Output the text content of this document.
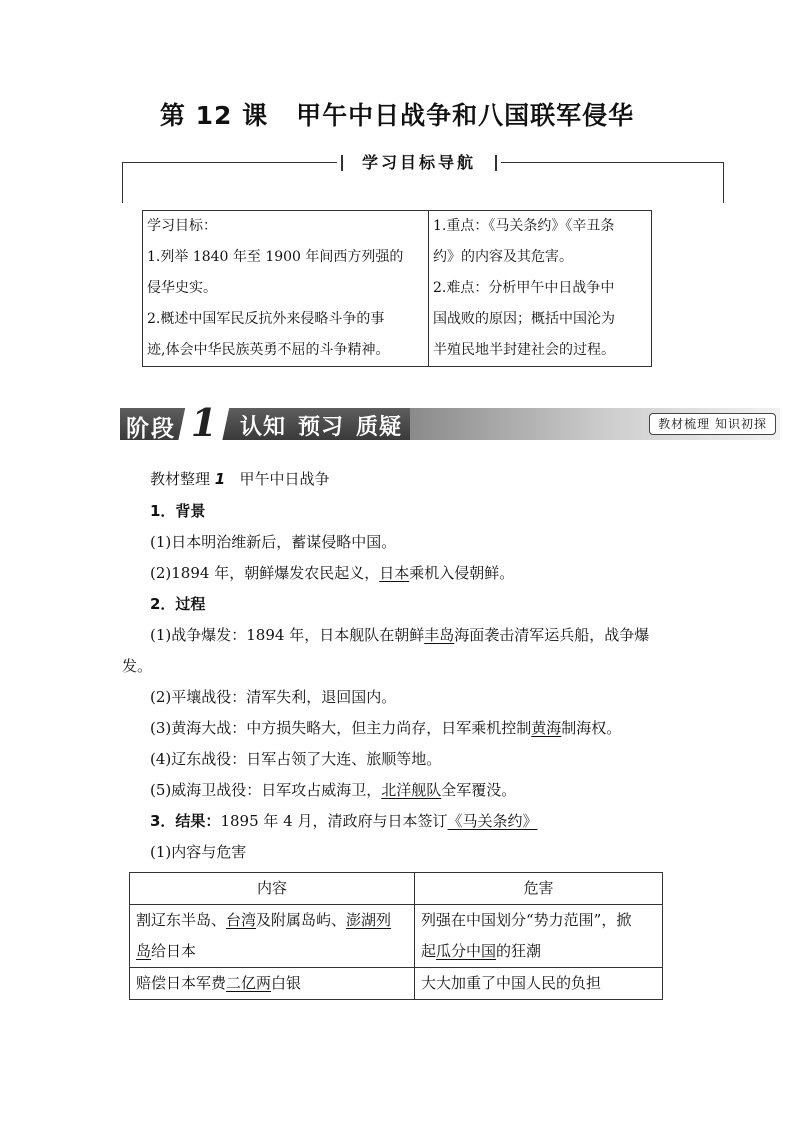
第 12 课 甲午中日战争和八国联军侵华
学习目标导航
学习目标：
1.列举 1840 年至 1900 年间西方列强的
侵华史实。
2.概述中国军民反抗外来侵略斗争的事
迹,体会中华民族英勇不屈的斗争精神。

1.重点：《马关条约》《辛丑条
约》的内容及其危害。
2.难点：分析甲午中日战争中
国战败的原因；概括中国沦为
半殖民地半封建社会的过程。
阶段 1	认知 预习 质疑	教材梳理 知识初探
教材整理 1 甲午中日战争
1．背景
(1)日本明治维新后，蓄谋侵略中国。
(2)1894 年，朝鲜爆发农民起义，日本乘机入侵朝鲜。
2．过程
(1)战争爆发：1894 年，日本舰队在朝鲜丰岛海面袭击清军运兵船，战争爆
发。
(2)平壤战役：清军失利，退回国内。
(3)黄海大战：中方损失略大，但主力尚存，日军乘机控制黄海制海权。
(4)辽东战役：日军占领了大连、旅顺等地。
(5)威海卫战役：日军攻占威海卫，北洋舰队全军覆没。
3．结果：1895 年 4 月，清政府与日本签订《马关条约》
(1)内容与危害
内容	危害

割辽东半岛、台湾及附属岛屿、澎湖列
岛给日本	列强在中国划分“势力范围”，掀
起瓜分中国的狂潮

赔偿日本军费二亿两白银	大大加重了中国人民的负担
